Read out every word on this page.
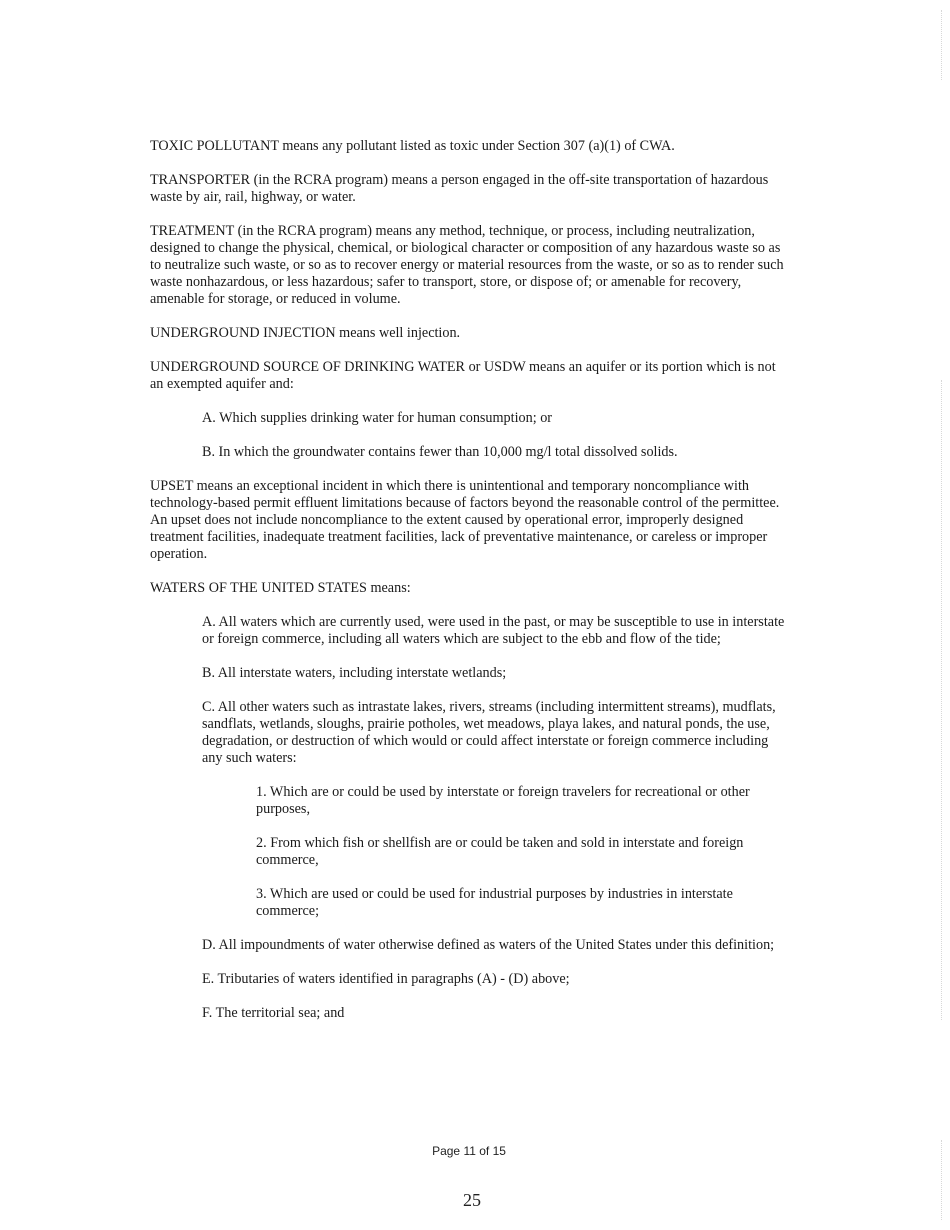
TOXIC POLLUTANT means any pollutant listed as toxic under Section 307 (a)(1) of CWA.

TRANSPORTER (in the RCRA program) means a person engaged in the off-site transportation of hazardous waste by air, rail, highway, or water.

TREATMENT (in the RCRA program) means any method, technique, or process, including neutralization, designed to change the physical, chemical, or biological character or composition of any hazardous waste so as to neutralize such waste, or so as to recover energy or material resources from the waste, or so as to render such waste nonhazardous, or less hazardous; safer to transport, store, or dispose of; or amenable for recovery, amenable for storage, or reduced in volume.

UNDERGROUND INJECTION means well injection.

UNDERGROUND SOURCE OF DRINKING WATER or USDW means an aquifer or its portion which is not an exempted aquifer and:

A. Which supplies drinking water for human consumption; or

B. In which the groundwater contains fewer than 10,000 mg/l total dissolved solids.

UPSET means an exceptional incident in which there is unintentional and temporary noncompliance with technology-based permit effluent limitations because of factors beyond the reasonable control of the permittee. An upset does not include noncompliance to the extent caused by operational error, improperly designed treatment facilities, inadequate treatment facilities, lack of preventative maintenance, or careless or improper operation.

WATERS OF THE UNITED STATES means:

A. All waters which are currently used, were used in the past, or may be susceptible to use in interstate or foreign commerce, including all waters which are subject to the ebb and flow of the tide;

B. All interstate waters, including interstate wetlands;

C. All other waters such as intrastate lakes, rivers, streams (including intermittent streams), mudflats, sandflats, wetlands, sloughs, prairie potholes, wet meadows, playa lakes, and natural ponds, the use, degradation, or destruction of which would or could affect interstate or foreign commerce including any such waters:

1. Which are or could be used by interstate or foreign travelers for recreational or other purposes,

2. From which fish or shellfish are or could be taken and sold in interstate and foreign commerce,

3. Which are used or could be used for industrial purposes by industries in interstate commerce;

D. All impoundments of water otherwise defined as waters of the United States under this definition;

E. Tributaries of waters identified in paragraphs (A) - (D) above;

F. The territorial sea; and

Page 11 of 15
25
